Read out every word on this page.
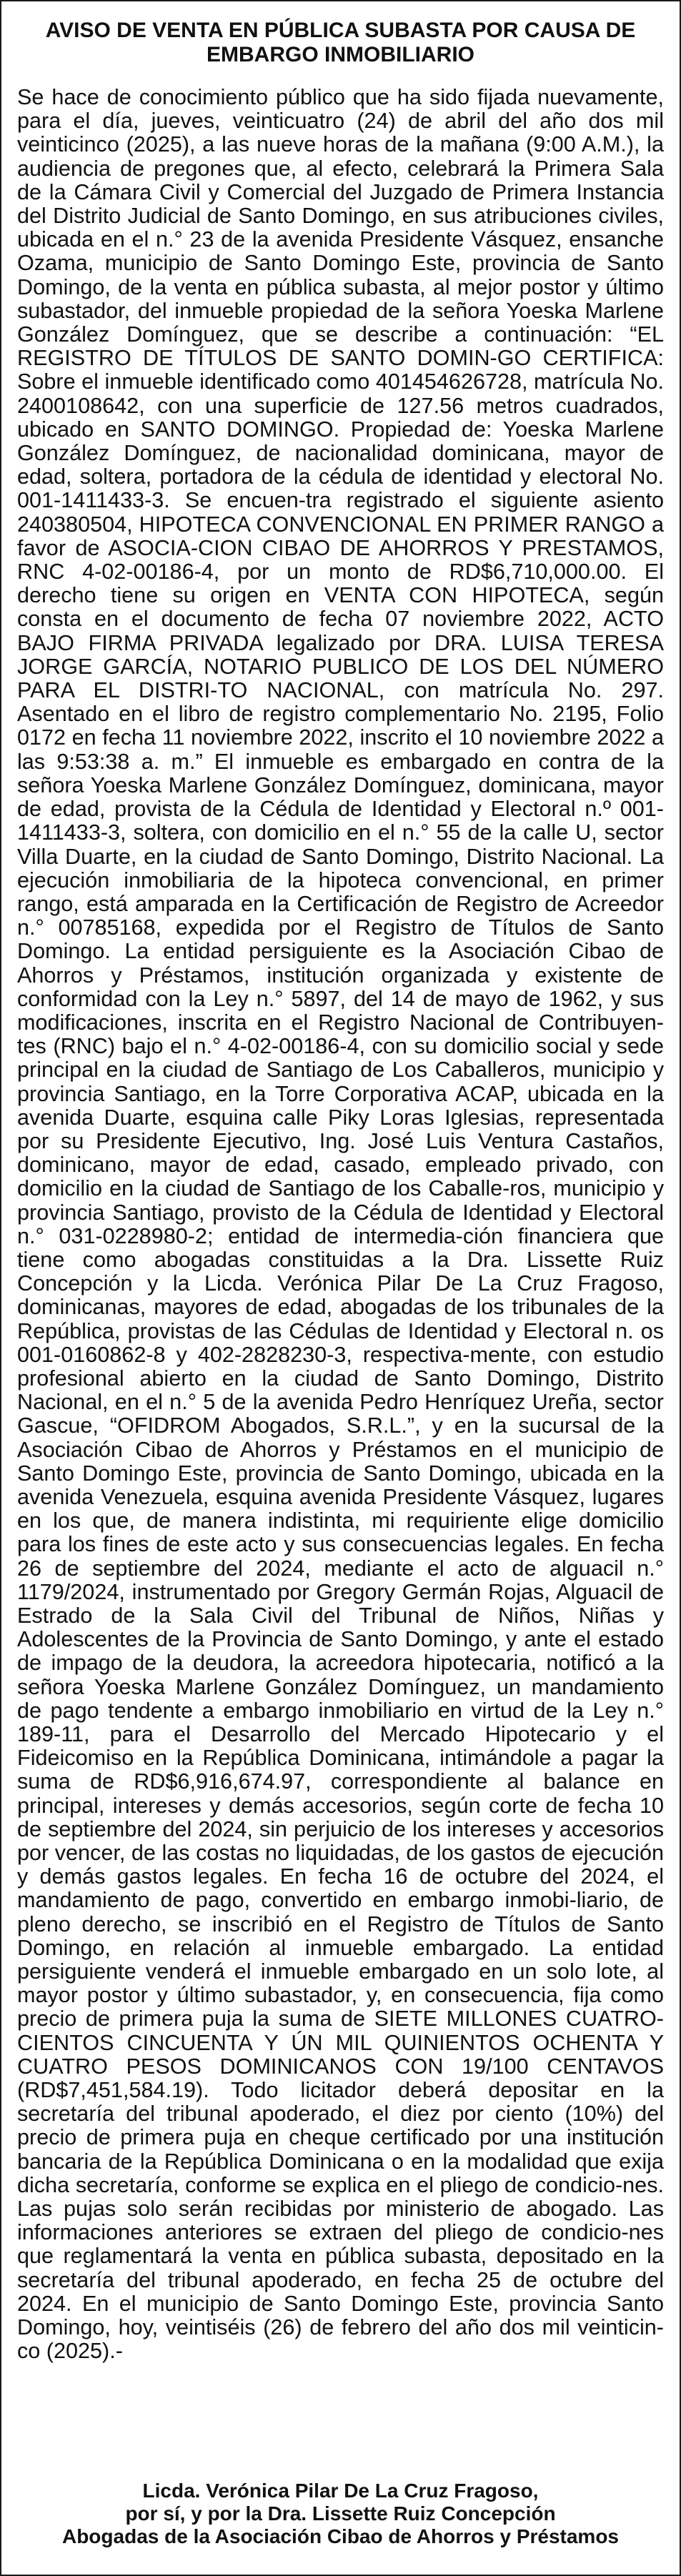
AVISO DE VENTA EN PÚBLICA SUBASTA POR CAUSA DE
EMBARGO INMOBILIARIO

Se hace de conocimiento público que ha sido fijada nuevamente, para el día, jueves, veinticuatro (24) de abril del año dos mil veinticinco (2025), a las nueve horas de la mañana (9:00 A.M.), la audiencia de pregones que, al efecto, celebrará la Primera Sala de la Cámara Civil y Comercial del Juzgado de Primera Instancia del Distrito Judicial de Santo Domingo, en sus atribuciones civiles, ubicada en el n.° 23 de la avenida Presidente Vásquez, ensanche Ozama, municipio de Santo Domingo Este, provincia de Santo Domingo, de la venta en pública subasta, al mejor postor y último subastador, del inmueble propiedad de la señora Yoeska Marlene González Domínguez, que se describe a continuación: “EL REGISTRO DE TÍTULOS DE SANTO DOMIN-GO CERTIFICA: Sobre el inmueble identificado como 401454626728, matrícula No. 2400108642, con una superficie de 127.56 metros cuadrados, ubicado en SANTO DOMINGO. Propiedad de: Yoeska Marlene González Domínguez, de nacionalidad dominicana, mayor de edad, soltera, portadora de la cédula de identidad y electoral No. 001-1411433-3. Se encuen-tra registrado el siguiente asiento 240380504, HIPOTECA CONVENCIONAL EN PRIMER RANGO a favor de ASOCIA-CION CIBAO DE AHORROS Y PRESTAMOS, RNC 4-02-00186-4, por un monto de RD$6,710,000.00. El derecho tiene su origen en VENTA CON HIPOTECA, según consta en el documento de fecha 07 noviembre 2022, ACTO BAJO FIRMA PRIVADA legalizado por DRA. LUISA TERESA JORGE GARCÍA, NOTARIO PUBLICO DE LOS DEL NÚMERO PARA EL DISTRI-TO NACIONAL, con matrícula No. 297. Asentado en el libro de registro complementario No. 2195, Folio 0172 en fecha 11 noviembre 2022, inscrito el 10 noviembre 2022 a las 9:53:38 a. m.” El inmueble es embargado en contra de la señora Yoeska Marlene González Domínguez, dominicana, mayor de edad, provista de la Cédula de Identidad y Electoral n.º 001-1411433-3, soltera, con domicilio en el n.° 55 de la calle U, sector Villa Duarte, en la ciudad de Santo Domingo, Distrito Nacional. La ejecución inmobiliaria de la hipoteca convencional, en primer rango, está amparada en la Certificación de Registro de Acreedor n.° 00785168, expedida por el Registro de Títulos de Santo Domingo. La entidad persiguiente es la Asociación Cibao de Ahorros y Préstamos, institución organizada y existente de conformidad con la Ley n.° 5897, del 14 de mayo de 1962, y sus modificaciones, inscrita en el Registro Nacional de Contribuyen-tes (RNC) bajo el n.° 4-02-00186-4, con su domicilio social y sede principal en la ciudad de Santiago de Los Caballeros, municipio y provincia Santiago, en la Torre Corporativa ACAP, ubicada en la avenida Duarte, esquina calle Piky Loras Iglesias, representada por su Presidente Ejecutivo, Ing. José Luis Ventura Castaños, dominicano, mayor de edad, casado, empleado privado, con domicilio en la ciudad de Santiago de los Caballe-ros, municipio y provincia Santiago, provisto de la Cédula de Identidad y Electoral n.° 031-0228980-2; entidad de intermedia-ción financiera que tiene como abogadas constituidas a la Dra. Lissette Ruiz Concepción y la Licda. Verónica Pilar De La Cruz Fragoso, dominicanas, mayores de edad, abogadas de los tribunales de la República, provistas de las Cédulas de Identidad y Electoral n. os 001-0160862-8 y 402-2828230-3, respectiva-mente, con estudio profesional abierto en la ciudad de Santo Domingo, Distrito Nacional, en el n.° 5 de la avenida Pedro Henríquez Ureña, sector Gascue, “OFIDROM Abogados, S.R.L.”, y en la sucursal de la Asociación Cibao de Ahorros y Préstamos en el municipio de Santo Domingo Este, provincia de Santo Domingo, ubicada en la avenida Venezuela, esquina avenida Presidente Vásquez, lugares en los que, de manera indistinta, mi requiriente elige domicilio para los fines de este acto y sus consecuencias legales. En fecha 26 de septiembre del 2024, mediante el acto de alguacil n.° 1179/2024, instrumentado por Gregory Germán Rojas, Alguacil de Estrado de la Sala Civil del Tribunal de Niños, Niñas y Adolescentes de la Provincia de Santo Domingo, y ante el estado de impago de la deudora, la acreedora hipotecaria, notificó a la señora Yoeska Marlene González Domínguez, un mandamiento de pago tendente a embargo inmobiliario en virtud de la Ley n.° 189-11, para el Desarrollo del Mercado Hipotecario y el Fideicomiso en la República Dominicana, intimándole a pagar la suma de RD$6,916,674.97, correspondiente al balance en principal, intereses y demás accesorios, según corte de fecha 10 de septiembre del 2024, sin perjuicio de los intereses y accesorios por vencer, de las costas no liquidadas, de los gastos de ejecución y demás gastos legales. En fecha 16 de octubre del 2024, el mandamiento de pago, convertido en embargo inmobi-liario, de pleno derecho, se inscribió en el Registro de Títulos de Santo Domingo, en relación al inmueble embargado. La entidad persiguiente venderá el inmueble embargado en un solo lote, al mayor postor y último subastador, y, en consecuencia, fija como precio de primera puja la suma de SIETE MILLONES CUATRO-CIENTOS CINCUENTA Y ÚN MIL QUINIENTOS OCHENTA Y CUATRO PESOS DOMINICANOS CON 19/100 CENTAVOS (RD$7,451,584.19). Todo licitador deberá depositar en la secretaría del tribunal apoderado, el diez por ciento (10%) del precio de primera puja en cheque certificado por una institución bancaria de la República Dominicana o en la modalidad que exija dicha secretaría, conforme se explica en el pliego de condicio-nes. Las pujas solo serán recibidas por ministerio de abogado. Las informaciones anteriores se extraen del pliego de condicio-nes que reglamentará la venta en pública subasta, depositado en la secretaría del tribunal apoderado, en fecha 25 de octubre del 2024. En el municipio de Santo Domingo Este, provincia Santo Domingo, hoy, veintiséis (26) de febrero del año dos mil veinticin-co (2025).-

Licda. Verónica Pilar De La Cruz Fragoso,
por sí, y por la Dra. Lissette Ruiz Concepción
Abogadas de la Asociación Cibao de Ahorros y Préstamos
